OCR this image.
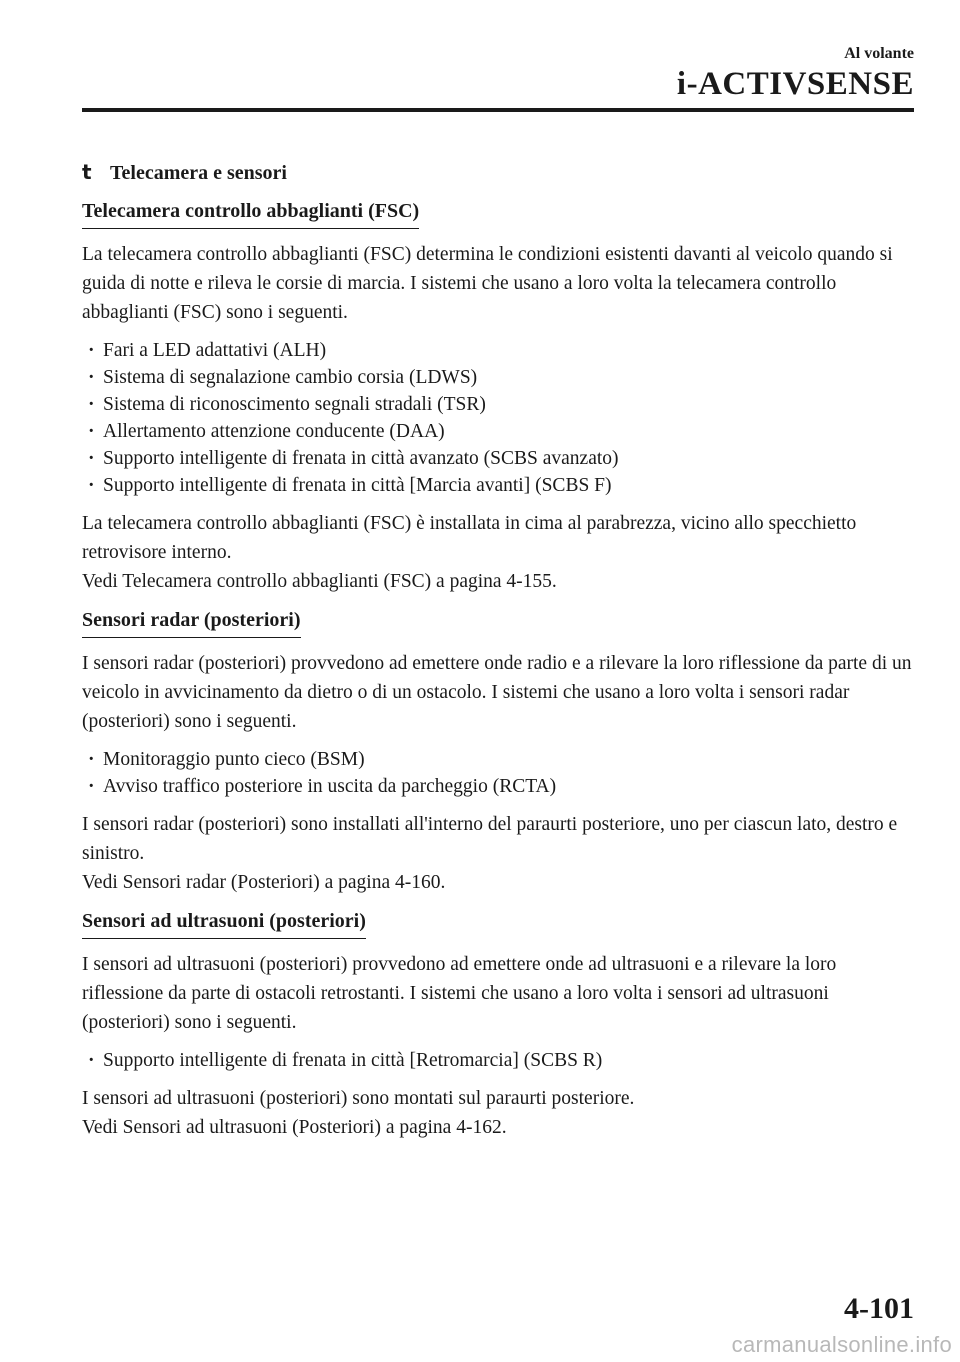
Al volante
i-ACTIVSENSE
t Telecamera e sensori
Telecamera controllo abbaglianti (FSC)

La telecamera controllo abbaglianti (FSC) determina le condizioni esistenti davanti al veicolo quando si guida di notte e rileva le corsie di marcia. I sistemi che usano a loro volta la telecamera controllo abbaglianti (FSC) sono i seguenti.

· Fari a LED adattativi (ALH)
· Sistema di segnalazione cambio corsia (LDWS)
· Sistema di riconoscimento segnali stradali (TSR)
· Allertamento attenzione conducente (DAA)
· Supporto intelligente di frenata in città avanzato (SCBS avanzato)
· Supporto intelligente di frenata in città [Marcia avanti] (SCBS F)

La telecamera controllo abbaglianti (FSC) è installata in cima al parabrezza, vicino allo specchietto retrovisore interno.

Vedi Telecamera controllo abbaglianti (FSC) a pagina 4-155.

Sensori radar (posteriori)

I sensori radar (posteriori) provvedono ad emettere onde radio e a rilevare la loro riflessione da parte di un veicolo in avvicinamento da dietro o di un ostacolo. I sistemi che usano a loro volta i sensori radar (posteriori) sono i seguenti.

· Monitoraggio punto cieco (BSM)
· Avviso traffico posteriore in uscita da parcheggio (RCTA)

I sensori radar (posteriori) sono installati all'interno del paraurti posteriore, uno per ciascun lato, destro e sinistro.

Vedi Sensori radar (Posteriori) a pagina 4-160.

Sensori ad ultrasuoni (posteriori)

I sensori ad ultrasuoni (posteriori) provvedono ad emettere onde ad ultrasuoni e a rilevare la loro riflessione da parte di ostacoli retrostanti. I sistemi che usano a loro volta i sensori ad ultrasuoni (posteriori) sono i seguenti.

· Supporto intelligente di frenata in città [Retromarcia] (SCBS R)

I sensori ad ultrasuoni (posteriori) sono montati sul paraurti posteriore.

Vedi Sensori ad ultrasuoni (Posteriori) a pagina 4-162.

4-101
carmanualsonline.info
